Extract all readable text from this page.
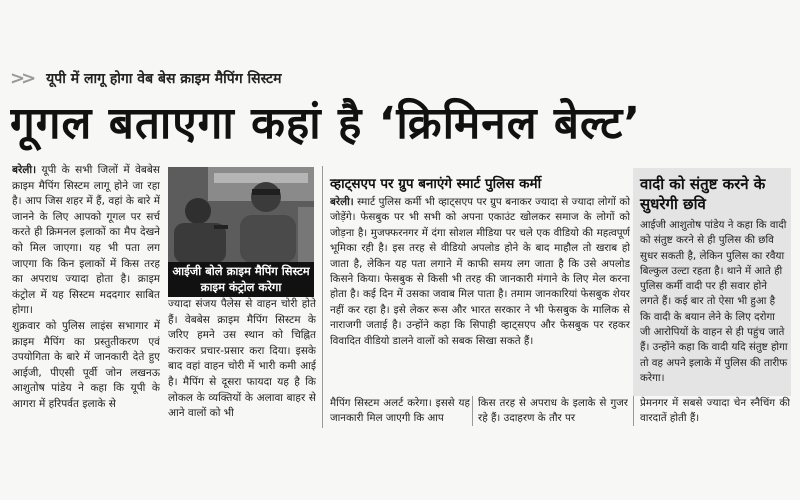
>> यूपी में लागू होगा वेब बेस क्राइम मैपिंग सिस्टम
गूगल बताएगा कहां है ‘क्रिमिनल बेल्ट’
बरेली। यूपी के सभी जिलों में वेबबेस क्राइम मैपिंग सिस्टम लागू होने जा रहा है। आप जिस शहर में हैं, वहां के बारे में जानने के लिए आपको गूगल पर सर्च करते ही क्रिमनल इलाकों का मैप देखने को मिल जाएगा। यह भी पता लग जाएगा कि किन इलाकों में किस तरह का अपराध ज्यादा होता है। क्राइम कंट्रोल में यह सिस्टम मददगार साबित होगा।
शुक्रवार को पुलिस लाइंस सभागार में क्राइम मैपिंग का प्रस्तुतीकरण एवं उपयोगिता के बारे में जानकारी देते हुए आईजी, पीएसी पूर्वी जोन लखनऊ आशुतोष पांडेय ने कहा कि यूपी के आगरा में हरिपर्वत इलाके से
आईजी बोले क्राइम मैपिंग सिस्टम क्राइम कंट्रोल करेगा
ज्यादा संजय पैलेस से वाहन चोरी होते हैं। वेबबेस क्राइम मैपिंग सिस्टम के जरिए हमने उस स्थान को चिह्नित कराकर प्रचार-प्रसार करा दिया। इसके बाद वहां वाहन चोरी में भारी कमी आई है। मैपिंग से दूसरा फायदा यह है कि लोकल के व्यक्तियों के अलावा बाहर से आने वालों को भी
व्हाट्सएप पर ग्रुप बनाएंगे स्मार्ट पुलिस कर्मी
बरेली। स्मार्ट पुलिस कर्मी भी व्हाट्सएप पर ग्रुप बनाकर ज्यादा से ज्यादा लोगों को जोड़ेंगे। फेसबुक पर भी सभी को अपना एकाउंट खोलकर समाज के लोगों को जोड़ना है। मुजफ्फरनगर में दंगा सोशल मीडिया पर चले एक वीडियो की महत्वपूर्ण भूमिका रही है। इस तरह से वीडियो अपलोड होने के बाद माहौल तो खराब हो जाता है, लेकिन यह पता लगाने में काफी समय लग जाता है कि उसे अपलोड किसने किया। फेसबुक से किसी भी तरह की जानकारी मंगाने के लिए मेल करना होता है। कई दिन में उसका जवाब मिल पाता है। तमाम जानकारियां फेसबुक शेयर नहीं कर रहा है। इसे लेकर रूस और भारत सरकार ने भी फेसबुक के मालिक से नाराजगी जताई है। उन्होंने कहा कि सिपाही व्हाट्सएप और फेसबुक पर रहकर विवादित वीडियो डालने वालों को सबक सिखा सकते हैं।
वादी को संतुष्ट करने के सुधरेगी छवि
आईजी आशुतोष पांडेय ने कहा कि वादी को संतुष्ट करने से ही पुलिस की छवि सुधर सकती है, लेकिन पुलिस का रवैया बिल्कुल उल्टा रहता है। थाने में आते ही पुलिस कर्मी वादी पर ही सवार होने लगते हैं। कई बार तो ऐसा भी हुआ है कि वादी के बयान लेने के लिए दरोगा जी आरोपियों के वाहन से ही पहुंच जाते हैं। उन्होंने कहा कि वादी यदि संतुष्ट होगा तो वह अपने इलाके में पुलिस की तारीफ करेगा।
मैपिंग सिस्टम अलर्ट करेगा। इससे यह जानकारी मिल जाएगी कि आप
किस तरह से अपराध के इलाके से गुजर रहे हैं। उदाहरण के तौर पर
प्रेमनगर में सबसे ज्यादा चेन स्नैचिंग की वारदातें होती हैं।
